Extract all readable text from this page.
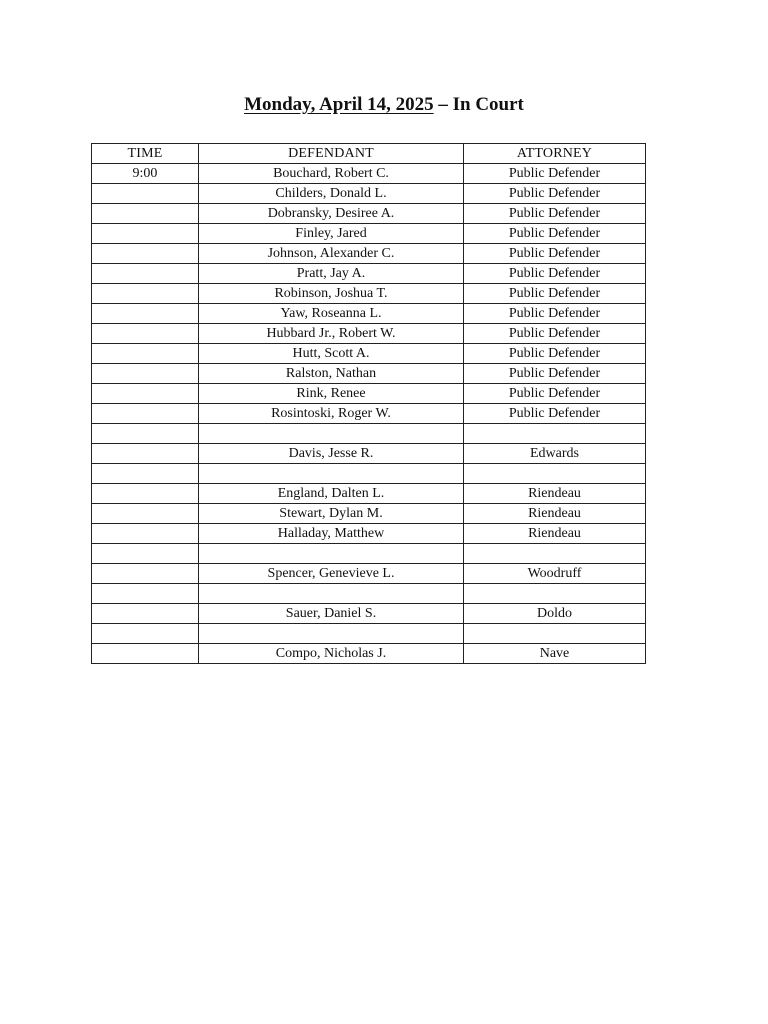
Monday, April 14, 2025 – In Court
TIME	DEFENDANT	ATTORNEY
9:00	Bouchard, Robert C.	Public Defender
	Childers, Donald L.	Public Defender
	Dobransky, Desiree A.	Public Defender
	Finley, Jared	Public Defender
	Johnson, Alexander C.	Public Defender
	Pratt, Jay A.	Public Defender
	Robinson, Joshua T.	Public Defender
	Yaw, Roseanna L.	Public Defender
	Hubbard Jr., Robert W.	Public Defender
	Hutt, Scott A.	Public Defender
	Ralston, Nathan	Public Defender
	Rink, Renee	Public Defender
	Rosintoski, Roger W.	Public Defender

	Davis, Jesse R.	Edwards

	England, Dalten L.	Riendeau
	Stewart, Dylan M.	Riendeau
	Halladay, Matthew	Riendeau

	Spencer, Genevieve L.	Woodruff

	Sauer, Daniel S.	Doldo

	Compo, Nicholas J.	Nave
